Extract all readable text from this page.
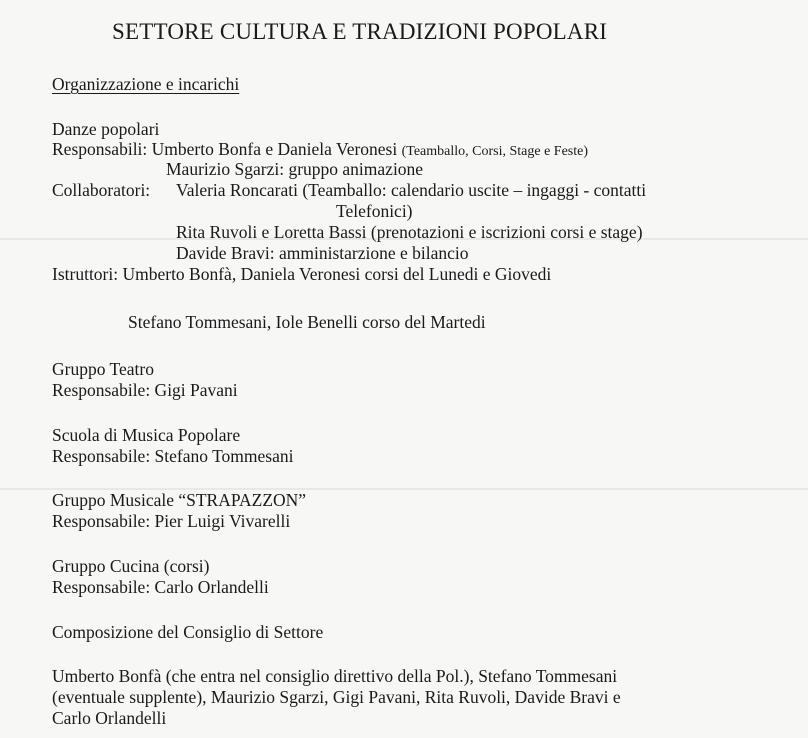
SETTORE CULTURA E TRADIZIONI POPOLARI
Organizzazione e incarichi
Danze popolari
Responsabili: Umberto Bonfa e Daniela Veronesi (Teamballo, Corsi, Stage e Feste)
Maurizio Sgarzi: gruppo animazione
Collaboratori: Valeria Roncarati (Teamballo: calendario uscite – ingaggi - contatti
Telefonici)
Rita Ruvoli e Loretta Bassi (prenotazioni e iscrizioni corsi e stage)
Davide Bravi: amministarzione e bilancio
Istruttori: Umberto Bonfà, Daniela Veronesi corsi del Lunedi e Giovedi
Stefano Tommesani, Iole Benelli corso del Martedi
Gruppo Teatro
Responsabile: Gigi Pavani
Scuola di Musica Popolare
Responsabile: Stefano Tommesani
Gruppo Musicale “STRAPAZZON”
Responsabile: Pier Luigi Vivarelli
Gruppo Cucina (corsi)
Responsabile: Carlo Orlandelli
Composizione del Consiglio di Settore
Umberto Bonfà (che entra nel consiglio direttivo della Pol.), Stefano Tommesani
(eventuale supplente), Maurizio Sgarzi, Gigi Pavani, Rita Ruvoli, Davide Bravi e
Carlo Orlandelli
